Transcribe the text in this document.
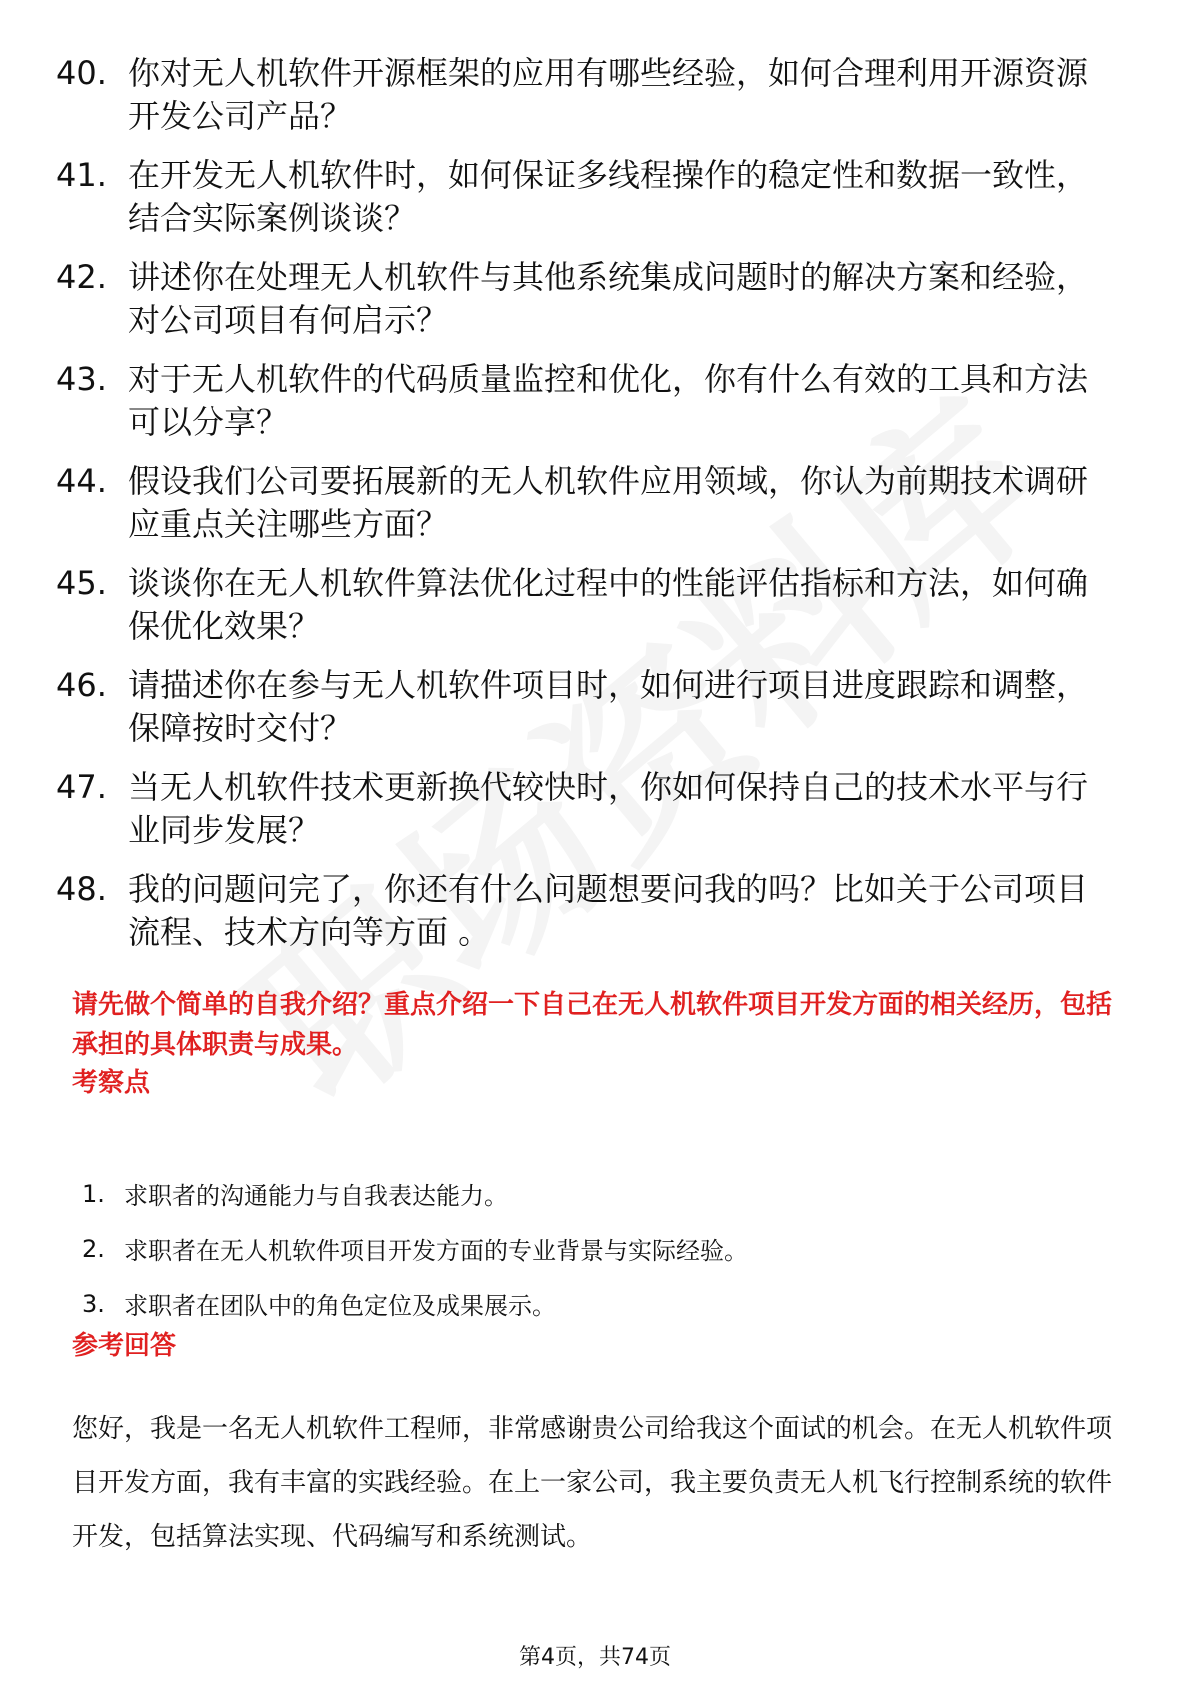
40. 你对无人机软件开源框架的应用有哪些经验，如何合理利用开源资源开发公司产品？
41. 在开发无人机软件时，如何保证多线程操作的稳定性和数据一致性，结合实际案例谈谈？
42. 讲述你在处理无人机软件与其他系统集成问题时的解决方案和经验，对公司项目有何启示？
43. 对于无人机软件的代码质量监控和优化，你有什么有效的工具和方法可以分享？
44. 假设我们公司要拓展新的无人机软件应用领域，你认为前期技术调研应重点关注哪些方面？
45. 谈谈你在无人机软件算法优化过程中的性能评估指标和方法，如何确保优化效果？
46. 请描述你在参与无人机软件项目时，如何进行项目进度跟踪和调整，保障按时交付？
47. 当无人机软件技术更新换代较快时，你如何保持自己的技术水平与行业同步发展？
48. 我的问题问完了，你还有什么问题想要问我的吗？比如关于公司项目流程、技术方向等方面 。

请先做个简单的自我介绍？重点介绍一下自己在无人机软件项目开发方面的相关经历，包括承担的具体职责与成果。

考察点
1. 求职者的沟通能力与自我表达能力。
2. 求职者在无人机软件项目开发方面的专业背景与实际经验。
3. 求职者在团队中的角色定位及成果展示。
参考回答

您好，我是一名无人机软件工程师，非常感谢贵公司给我这个面试的机会。在无人机软件项目开发方面，我有丰富的实践经验。在上一家公司，我主要负责无人机飞行控制系统的软件开发，包括算法实现、代码编写和系统测试。

第4页，共74页
